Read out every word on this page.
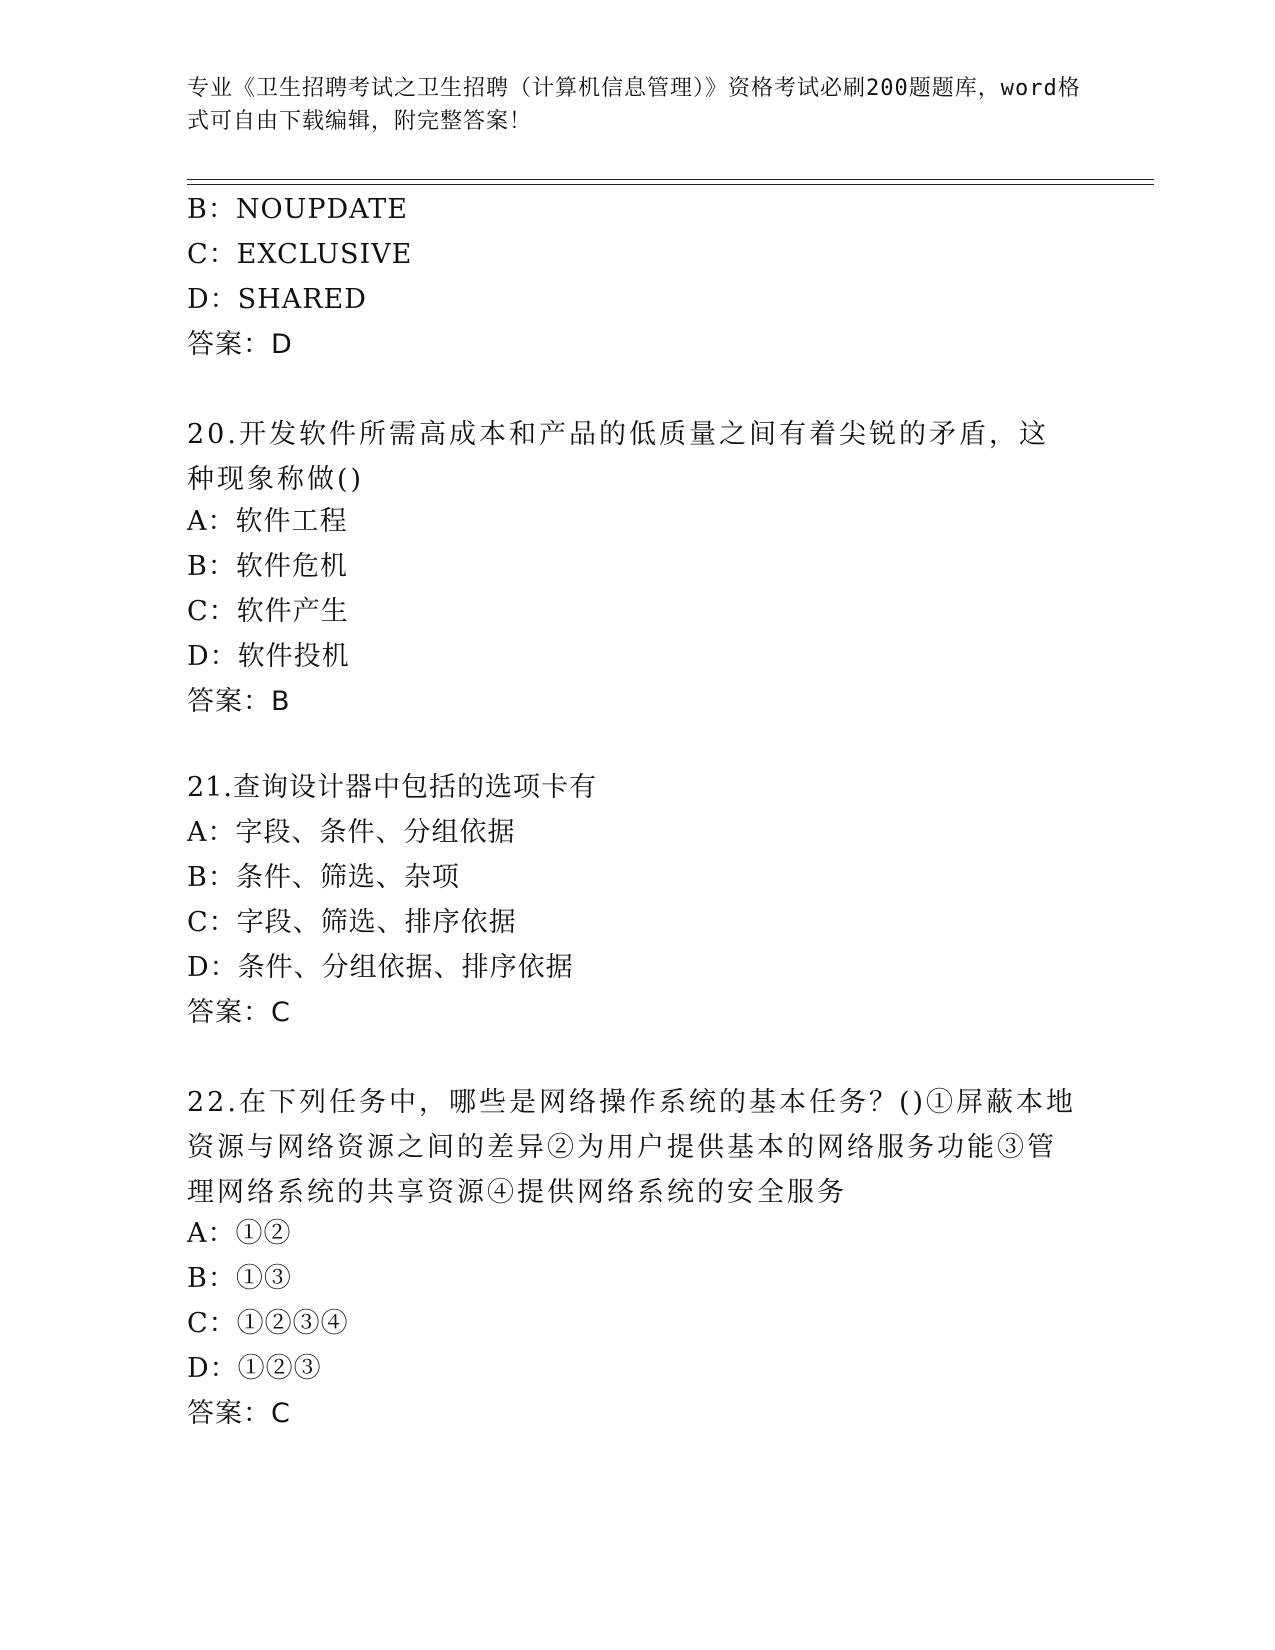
专业《卫生招聘考试之卫生招聘（计算机信息管理）》资格考试必刷200题题库，word格式可自由下载编辑，附完整答案！
B：NOUPDATE
C：EXCLUSIVE
D：SHARED
答案：D
20.开发软件所需高成本和产品的低质量之间有着尖锐的矛盾，这种现象称做()
A：软件工程
B：软件危机
C：软件产生
D：软件投机
答案：B
21.查询设计器中包括的选项卡有
A：字段、条件、分组依据
B：条件、筛选、杂项
C：字段、筛选、排序依据
D：条件、分组依据、排序依据
答案：C
22.在下列任务中，哪些是网络操作系统的基本任务？()①屏蔽本地资源与网络资源之间的差异②为用户提供基本的网络服务功能③管理网络系统的共享资源④提供网络系统的安全服务
A：①②
B：①③
C：①②③④
D：①②③
答案：C
